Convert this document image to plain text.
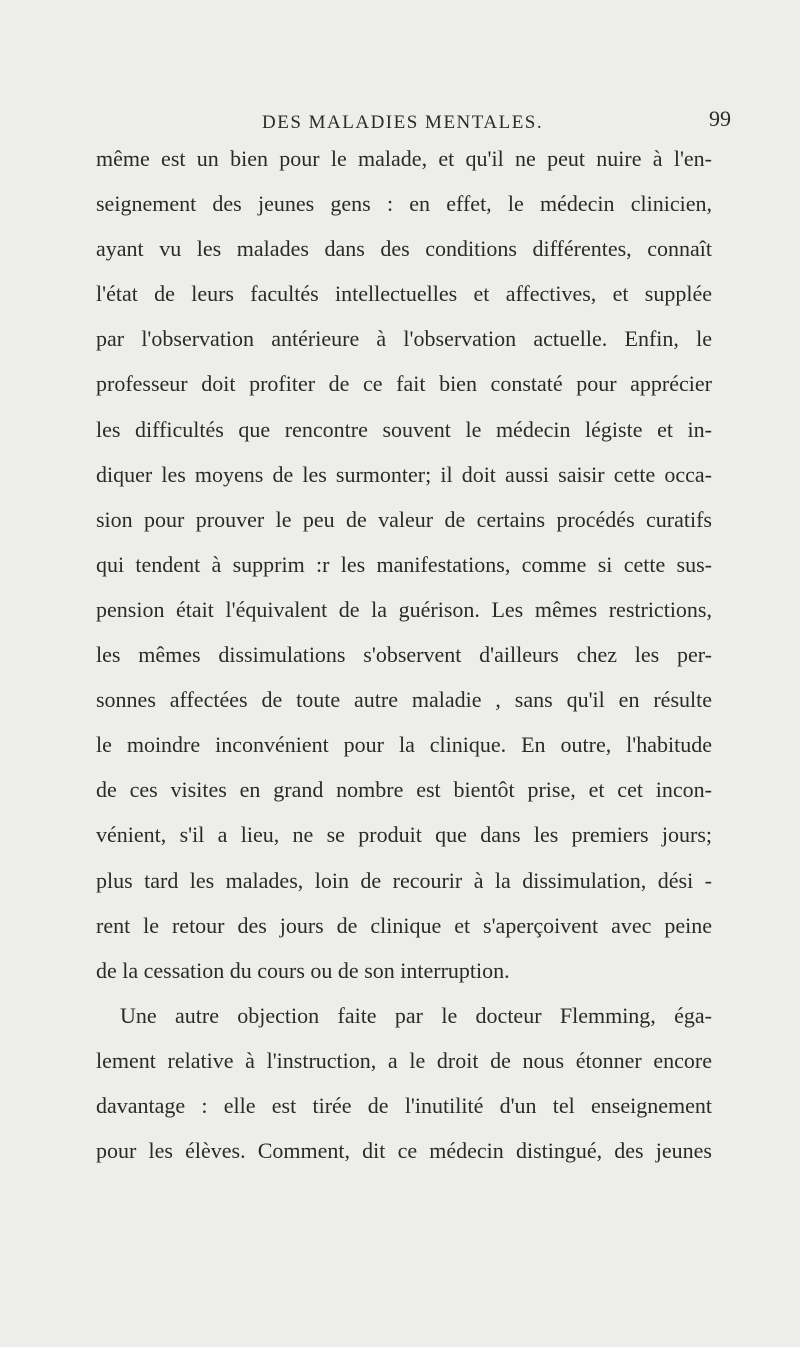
DES MALADIES MENTALES.	99
même est un bien pour le malade, et qu'il ne peut nuire à l'en-
seignement des jeunes gens : en effet, le médecin clinicien,
ayant vu les malades dans des conditions différentes, connaît
l'état de leurs facultés intellectuelles et affectives, et supplée
par l'observation antérieure à l'observation actuelle. Enfin, le
professeur doit profiter de ce fait bien constaté pour apprécier
les difficultés que rencontre souvent le médecin légiste et in-
diquer les moyens de les surmonter; il doit aussi saisir cette occa-
sion pour prouver le peu de valeur de certains procédés curatifs
qui tendent à supprim :r les manifestations, comme si cette sus-
pension était l'équivalent de la guérison. Les mêmes restrictions,
les mêmes dissimulations s'observent d'ailleurs chez les per-
sonnes affectées de toute autre maladie , sans qu'il en résulte
le moindre inconvénient pour la clinique. En outre, l'habitude
de ces visites en grand nombre est bientôt prise, et cet incon-
vénient, s'il a lieu, ne se produit que dans les premiers jours;
plus tard les malades, loin de recourir à la dissimulation, dési -
rent le retour des jours de clinique et s'aperçoivent avec peine
de la cessation du cours ou de son interruption.
Une autre objection faite par le docteur Flemming, éga-
lement relative à l'instruction, a le droit de nous étonner encore
davantage : elle est tirée de l'inutilité d'un tel enseignement
pour les élèves. Comment, dit ce médecin distingué, des jeunes
